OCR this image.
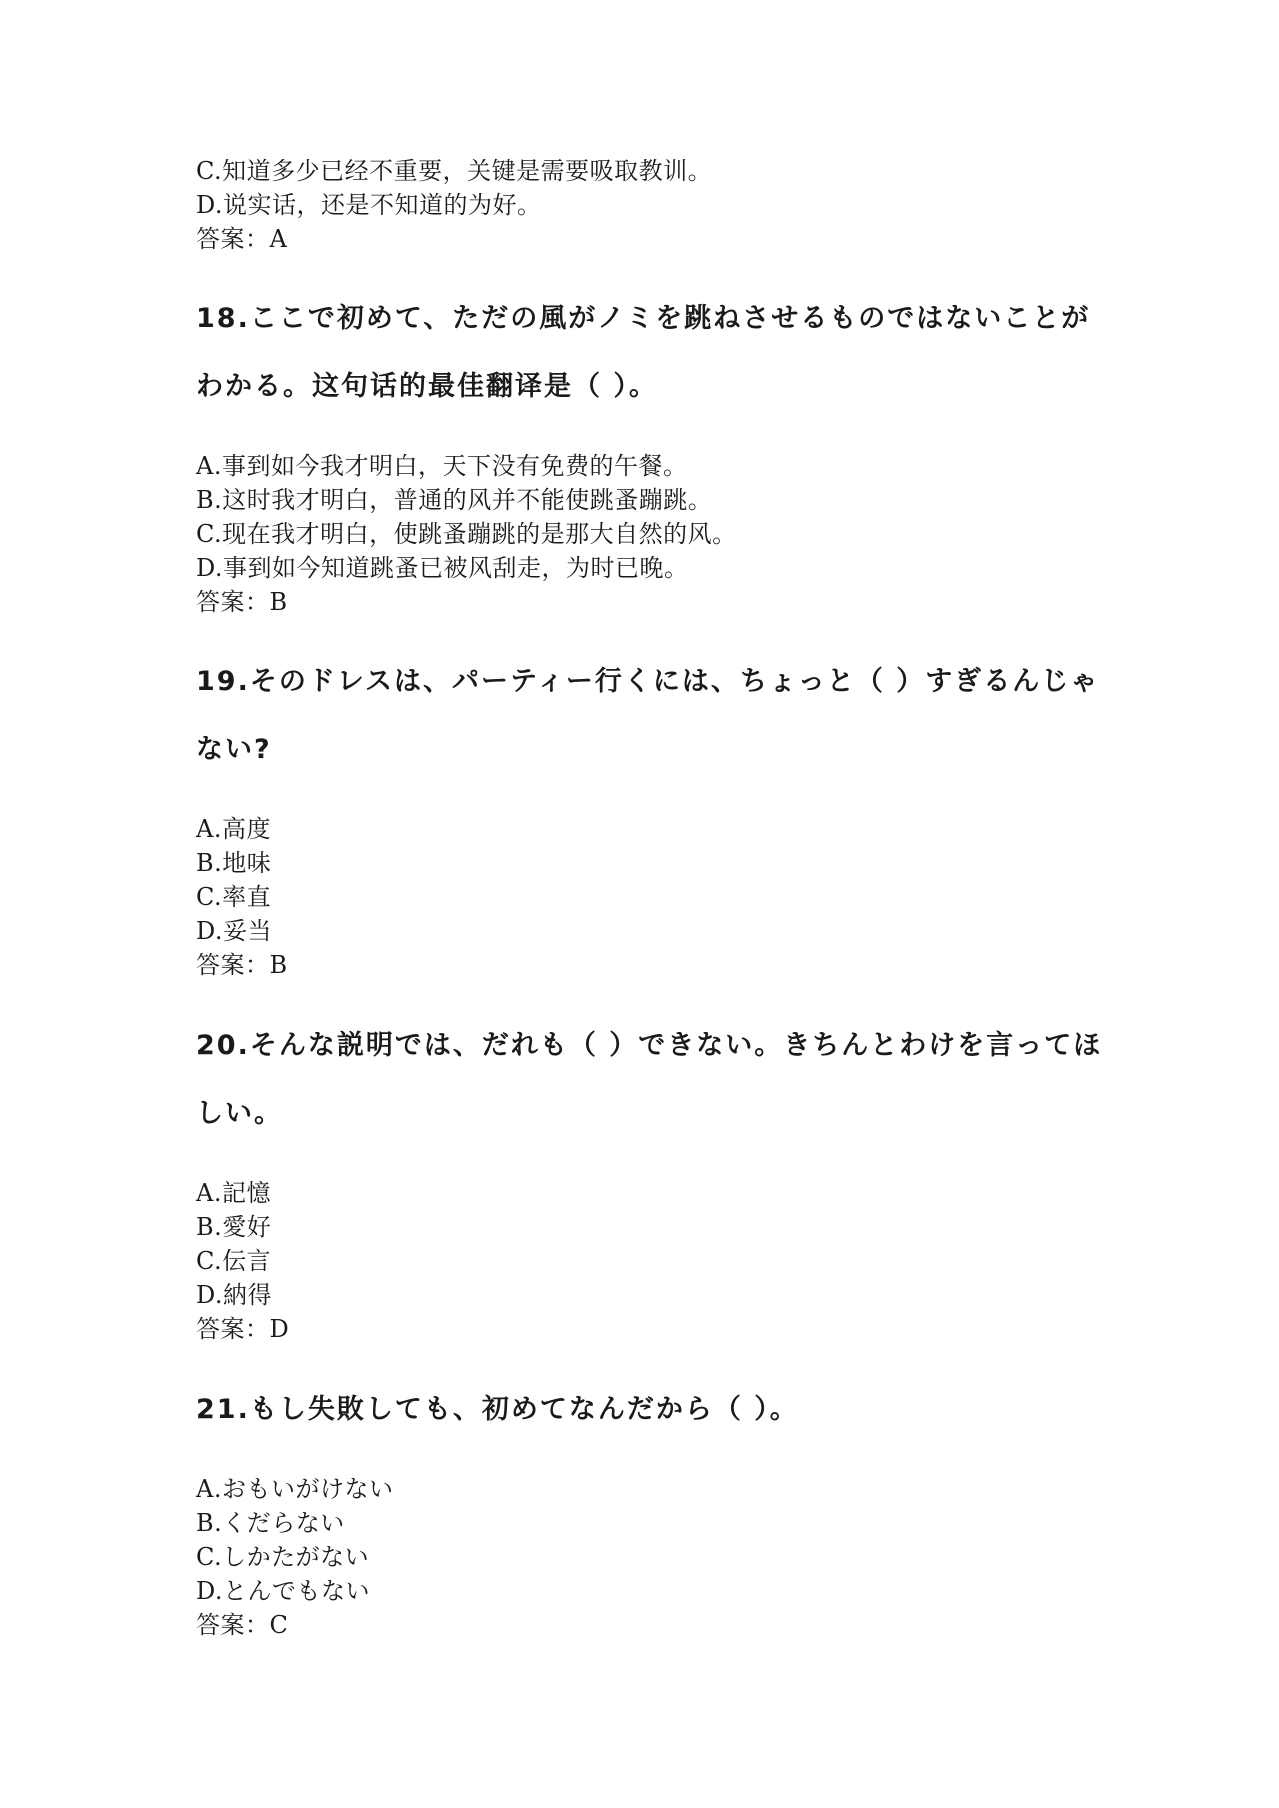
C.知道多少已经不重要，关键是需要吸取教训。
D.说实话，还是不知道的为好。
答案：A
18.ここで初めて、ただの風がノミを跳ねさせるものではないことが
わかる。这句话的最佳翻译是（ ）。
A.事到如今我才明白，天下没有免费的午餐。
B.这时我才明白，普通的风并不能使跳蚤蹦跳。
C.现在我才明白，使跳蚤蹦跳的是那大自然的风。
D.事到如今知道跳蚤已被风刮走，为时已晚。
答案：B
19.そのドレスは、パーティー行くには、ちょっと（ ）すぎるんじゃ
ない?
A.高度
B.地味
C.率直
D.妥当
答案：B
20.そんな説明では、だれも（ ）できない。きちんとわけを言ってほ
しい。
A.記憶
B.愛好
C.伝言
D.納得
答案：D
21.もし失敗しても、初めてなんだから（ ）。
A.おもいがけない
B.くだらない
C.しかたがない
D.とんでもない
答案：C
